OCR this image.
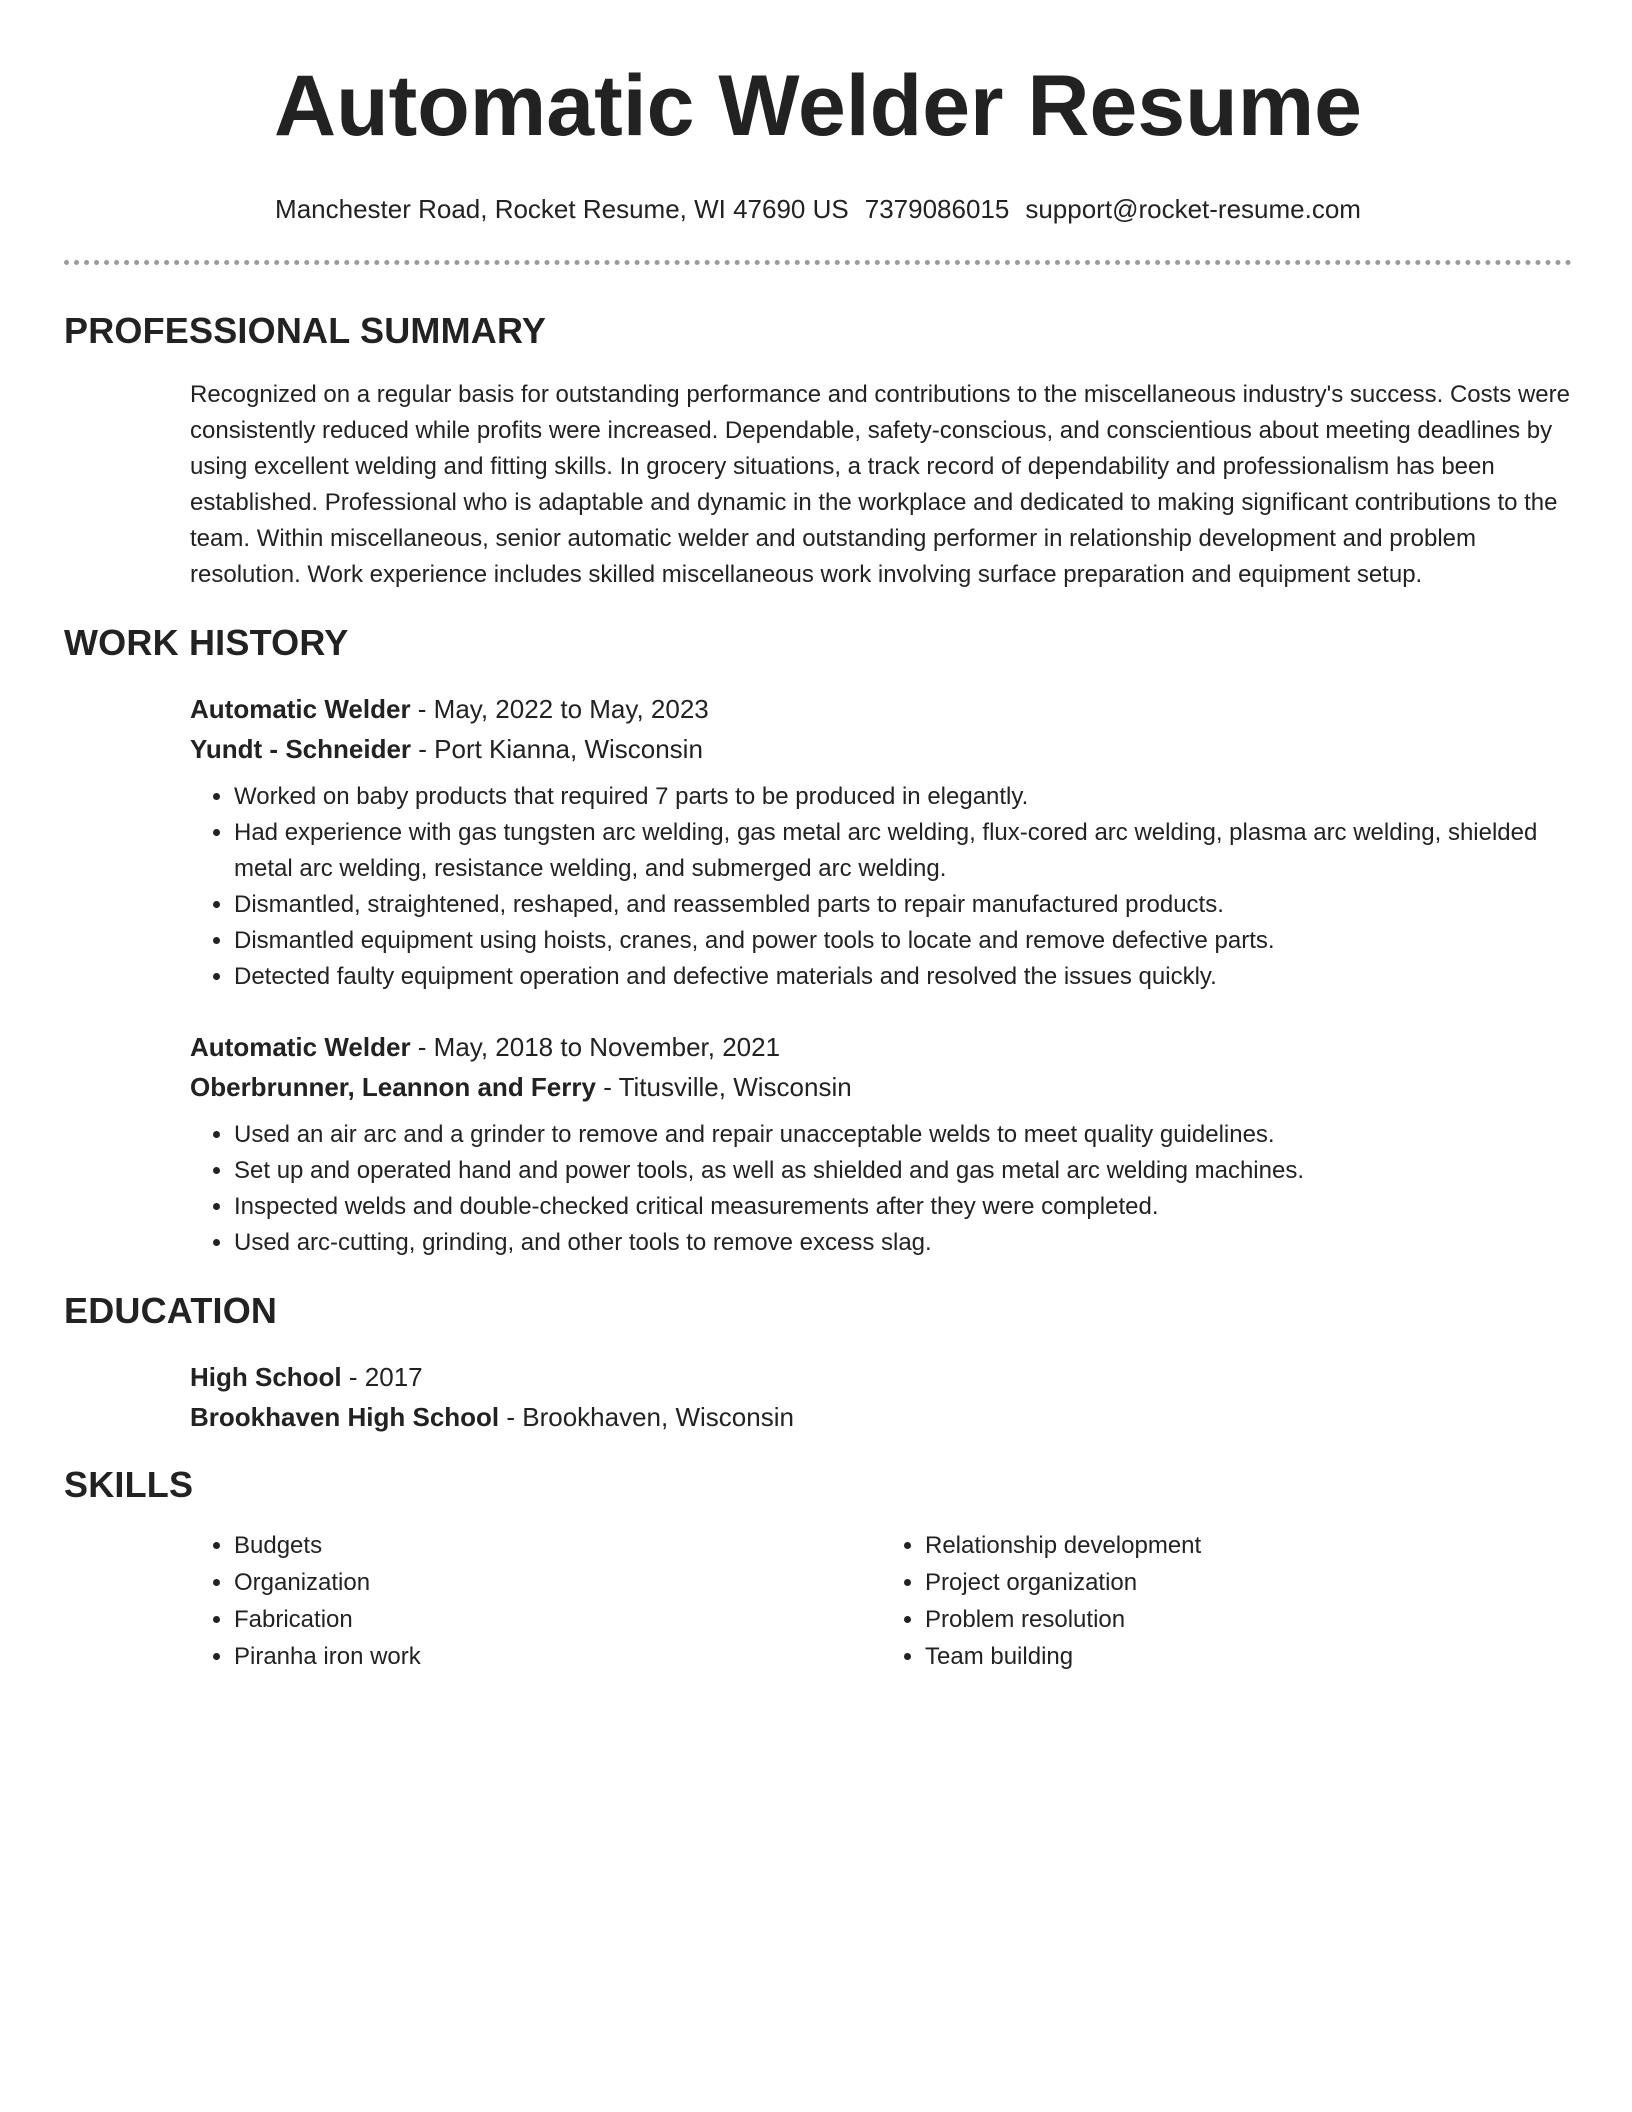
Automatic Welder Resume
Manchester Road, Rocket Resume, WI 47690 US 7379086015 support@rocket-resume.com
PROFESSIONAL SUMMARY
Recognized on a regular basis for outstanding performance and contributions to the miscellaneous industry's success. Costs were consistently reduced while profits were increased. Dependable, safety-conscious, and conscientious about meeting deadlines by using excellent welding and fitting skills. In grocery situations, a track record of dependability and professionalism has been established. Professional who is adaptable and dynamic in the workplace and dedicated to making significant contributions to the team. Within miscellaneous, senior automatic welder and outstanding performer in relationship development and problem resolution. Work experience includes skilled miscellaneous work involving surface preparation and equipment setup.
WORK HISTORY
Automatic Welder - May, 2022 to May, 2023
Yundt - Schneider - Port Kianna, Wisconsin
• Worked on baby products that required 7 parts to be produced in elegantly.
• Had experience with gas tungsten arc welding, gas metal arc welding, flux-cored arc welding, plasma arc welding, shielded metal arc welding, resistance welding, and submerged arc welding.
• Dismantled, straightened, reshaped, and reassembled parts to repair manufactured products.
• Dismantled equipment using hoists, cranes, and power tools to locate and remove defective parts.
• Detected faulty equipment operation and defective materials and resolved the issues quickly.
Automatic Welder - May, 2018 to November, 2021
Oberbrunner, Leannon and Ferry - Titusville, Wisconsin
• Used an air arc and a grinder to remove and repair unacceptable welds to meet quality guidelines.
• Set up and operated hand and power tools, as well as shielded and gas metal arc welding machines.
• Inspected welds and double-checked critical measurements after they were completed.
• Used arc-cutting, grinding, and other tools to remove excess slag.
EDUCATION
High School - 2017
Brookhaven High School - Brookhaven, Wisconsin
SKILLS
• Budgets
• Organization
• Fabrication
• Piranha iron work
• Relationship development
• Project organization
• Problem resolution
• Team building
